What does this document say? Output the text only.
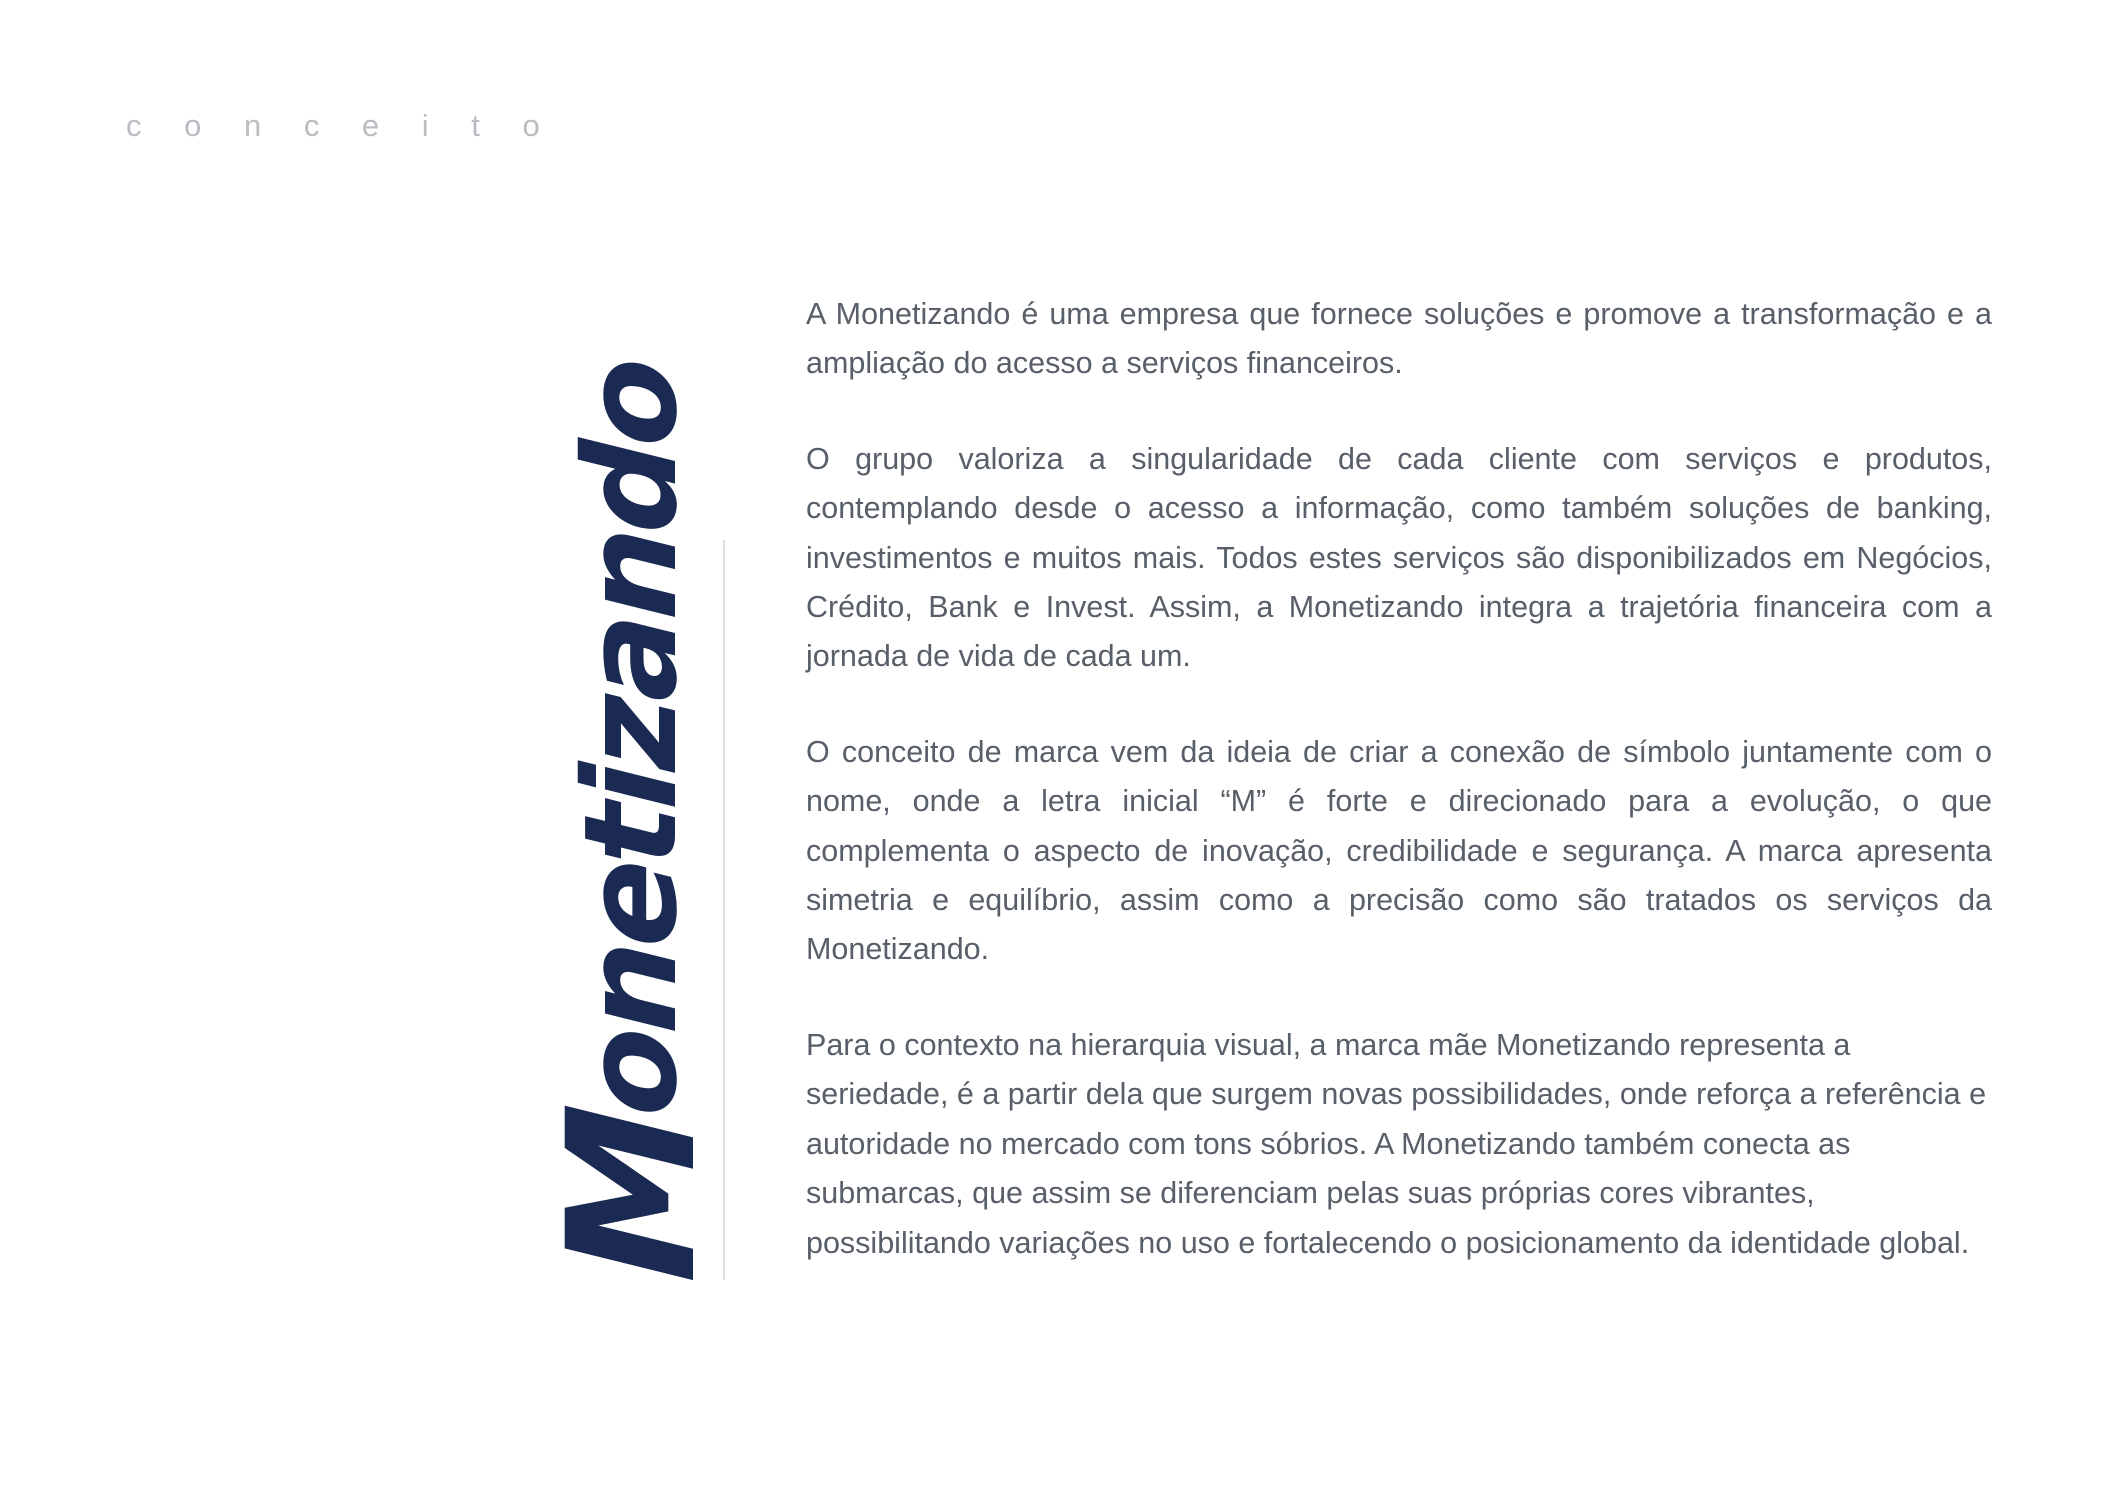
c o n c e i t o
Monetizando

A Monetizando é uma empresa que fornece soluções e promove a transformação e a ampliação do acesso a serviços financeiros.

O grupo valoriza a singularidade de cada cliente com serviços e produtos, contemplando desde o acesso a informação, como também soluções de banking, investimentos e muitos mais. Todos estes serviços são disponibilizados em Negócios, Crédito, Bank e Invest. Assim, a Monetizando integra a trajetória financeira com a jornada de vida de cada um.

O conceito de marca vem da ideia de criar a conexão de símbolo juntamente com o nome, onde a letra inicial “M” é forte e direcionado para a evolução, o que complementa o aspecto de inovação, credibilidade e segurança. A marca apresenta simetria e equilíbrio, assim como a precisão como são tratados os serviços da Monetizando.

Para o contexto na hierarquia visual, a marca mãe Monetizando representa a seriedade, é a partir dela que surgem novas possibilidades, onde reforça a referência e autoridade no mercado com tons sóbrios. A Monetizando também conecta as submarcas, que assim se diferenciam pelas suas próprias cores vibrantes, possibilitando variações no uso e fortalecendo o posicionamento da identidade global.
